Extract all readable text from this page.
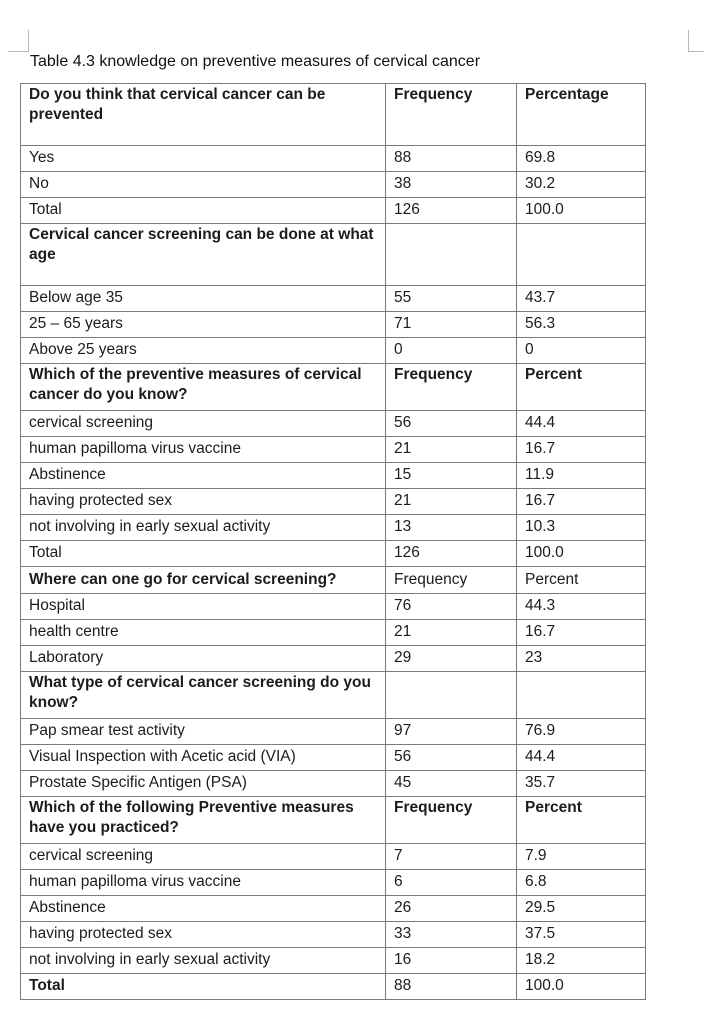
Table 4.3 knowledge on preventive measures of cervical cancer
Do you think that cervical cancer can be prevented	Frequency	Percentage
Yes	88	69.8
No	38	30.2
Total	126	100.0
Cervical cancer screening can be done at what age		
Below age 35	55	43.7
25 – 65 years	71	56.3
Above 25 years	0	0
Which of the preventive measures of cervical cancer do you know?	Frequency	Percent
cervical screening	56	44.4
human papilloma virus vaccine	21	16.7
Abstinence	15	11.9
having protected sex	21	16.7
not involving in early sexual activity	13	10.3
Total	126	100.0
Where can one go for cervical screening?	Frequency	Percent
Hospital	76	44.3
health centre	21	16.7
Laboratory	29	23
What type of cervical cancer screening do you know?		
Pap smear test activity	97	76.9
Visual Inspection with Acetic acid (VIA)	56	44.4
Prostate Specific Antigen (PSA)	45	35.7
Which of the following Preventive measures have you practiced?	Frequency	Percent
cervical screening	7	7.9
human papilloma virus vaccine	6	6.8
Abstinence	26	29.5
having protected sex	33	37.5
not involving in early sexual activity	16	18.2
Total	88	100.0
